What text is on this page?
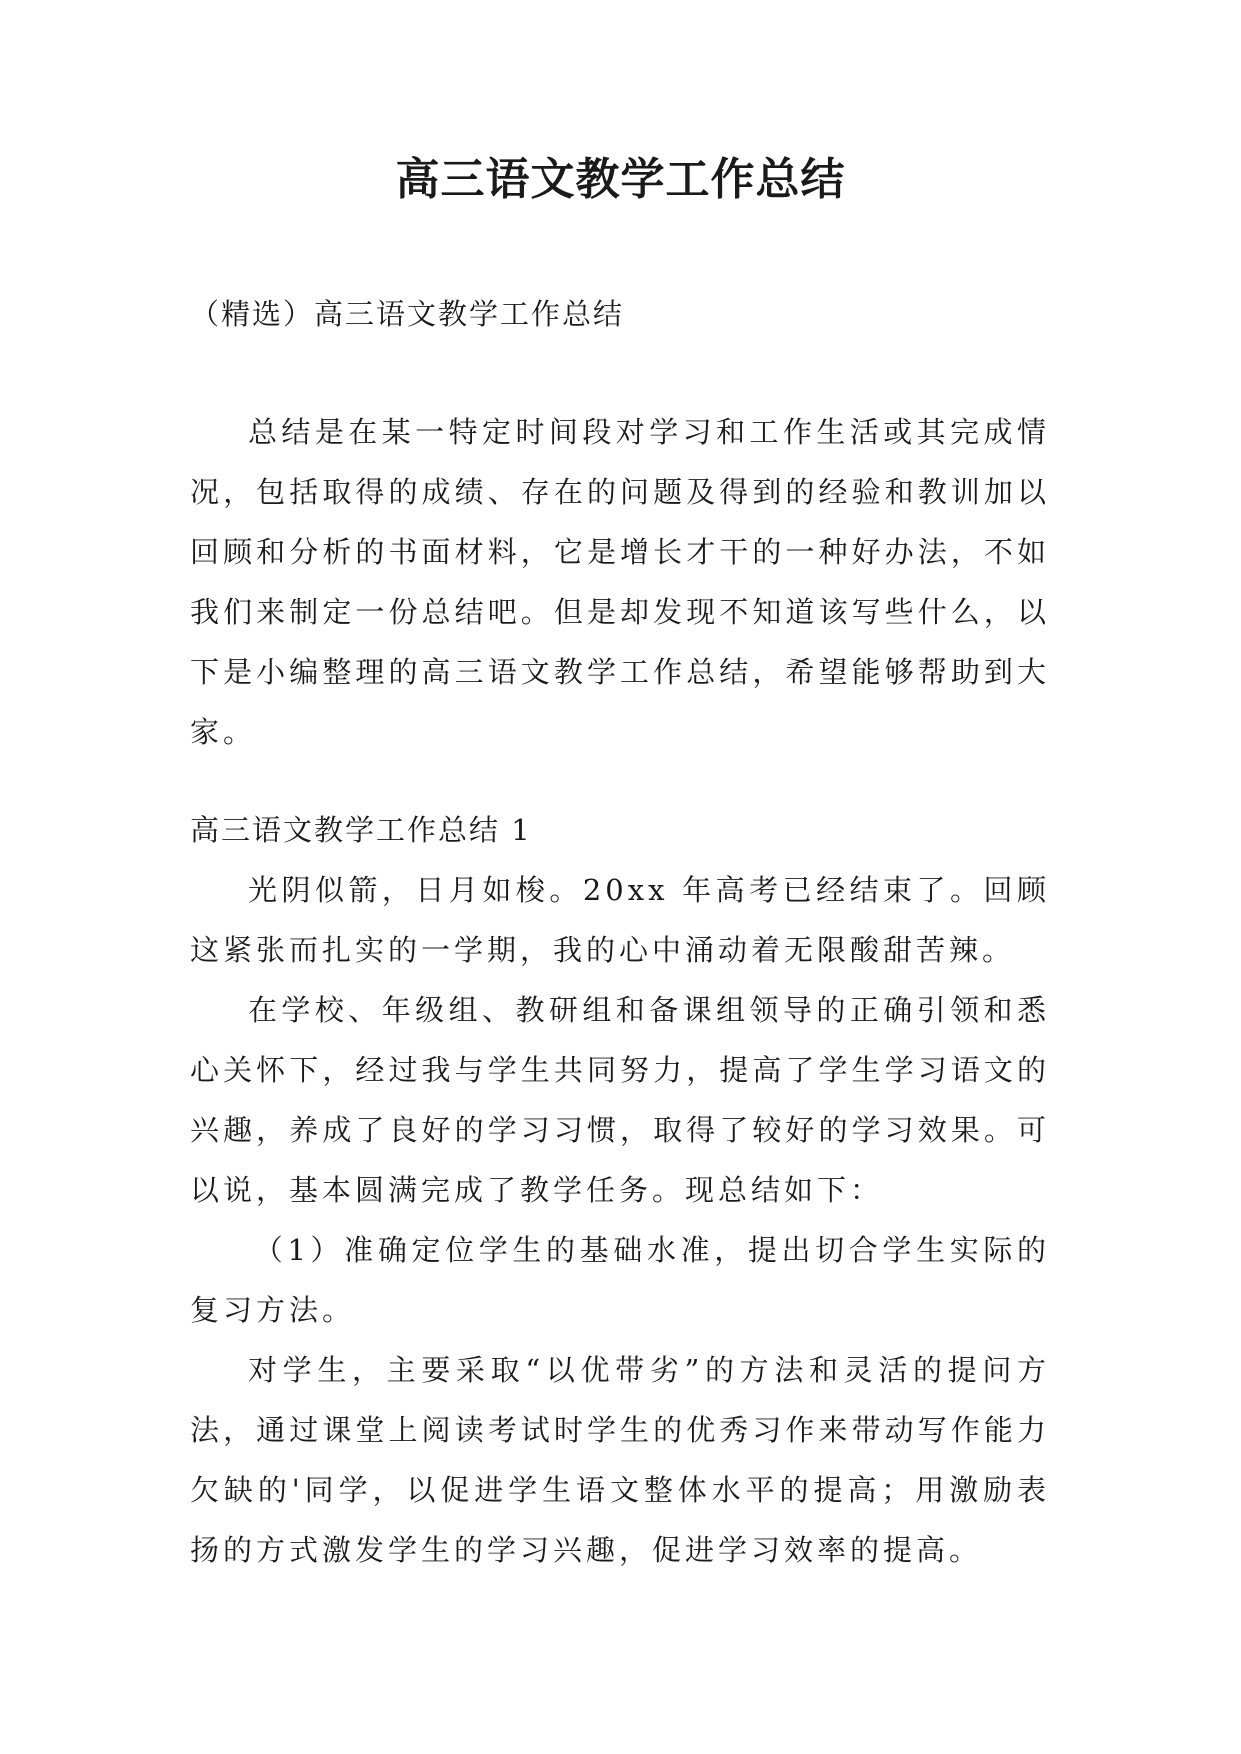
高三语文教学工作总结
（精选）高三语文教学工作总结

总结是在某一特定时间段对学习和工作生活或其完成情况，包括取得的成绩、存在的问题及得到的经验和教训加以回顾和分析的书面材料，它是增长才干的一种好办法，不如我们来制定一份总结吧。但是却发现不知道该写些什么，以下是小编整理的高三语文教学工作总结，希望能够帮助到大家。

高三语文教学工作总结 1

光阴似箭，日月如梭。20xx 年高考已经结束了。回顾这紧张而扎实的一学期，我的心中涌动着无限酸甜苦辣。

在学校、年级组、教研组和备课组领导的正确引领和悉心关怀下，经过我与学生共同努力，提高了学生学习语文的兴趣，养成了良好的学习习惯，取得了较好的学习效果。可以说，基本圆满完成了教学任务。现总结如下：

（1）准确定位学生的基础水准，提出切合学生实际的复习方法。

对学生，主要采取“以优带劣”的方法和灵活的提问方法，通过课堂上阅读考试时学生的优秀习作来带动写作能力欠缺的'同学，以促进学生语文整体水平的提高；用激励表扬的方式激发学生的学习兴趣，促进学习效率的提高。
